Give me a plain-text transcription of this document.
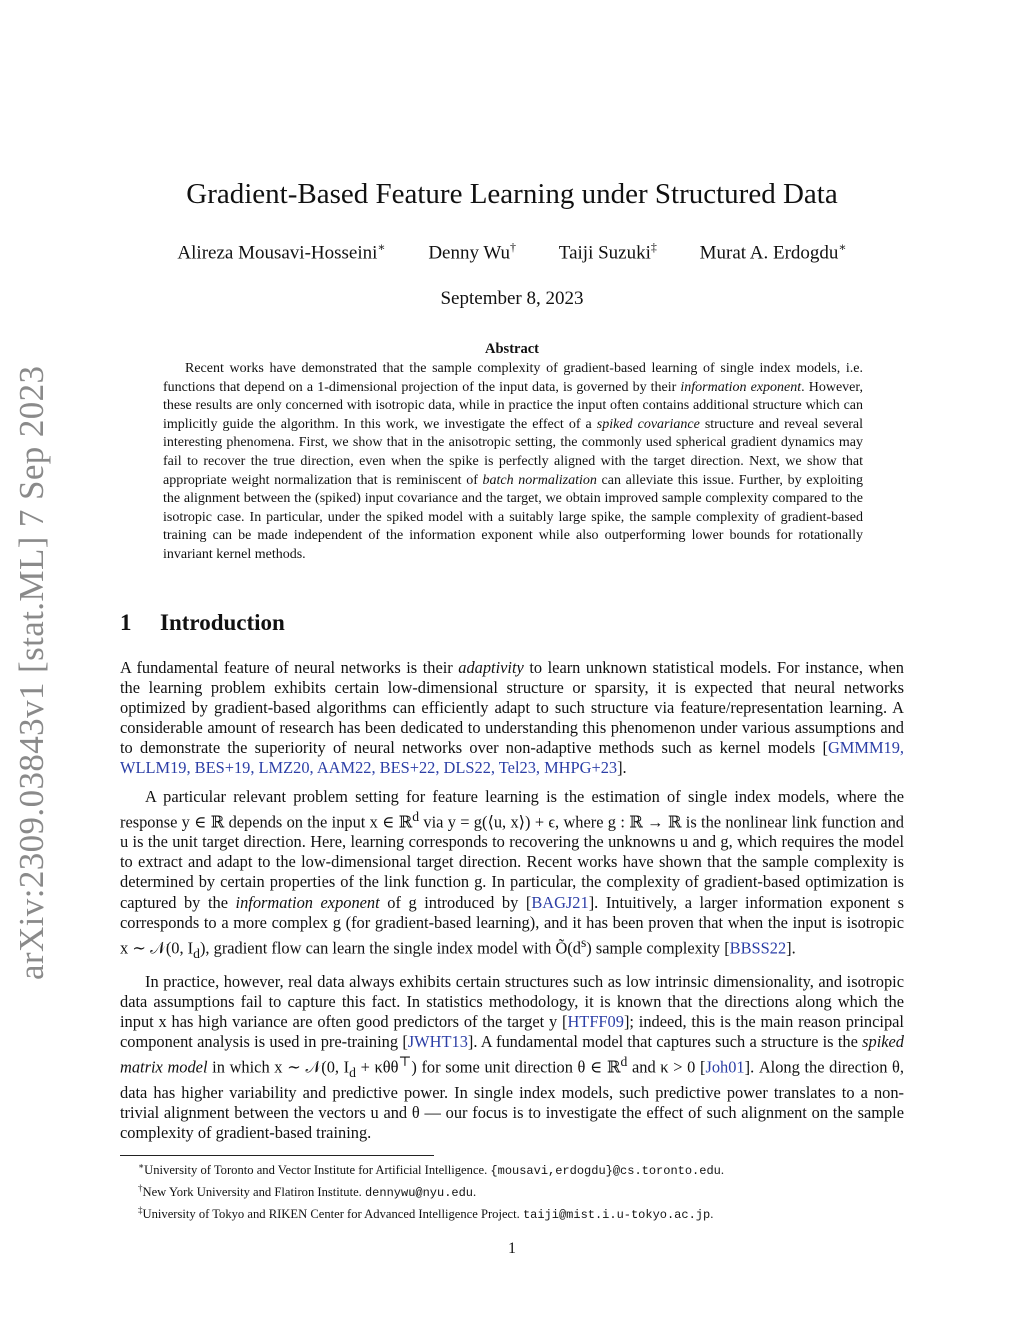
arXiv:2309.03843v1 [stat.ML] 7 Sep 2023
Gradient-Based Feature Learning under Structured Data
Alireza Mousavi-Hosseini∗ Denny Wu† Taiji Suzuki‡ Murat A. Erdogdu∗
September 8, 2023
Abstract
Recent works have demonstrated that the sample complexity of gradient-based learning of single index models, i.e. functions that depend on a 1-dimensional projection of the input data, is governed by their information exponent. However, these results are only concerned with isotropic data, while in practice the input often contains additional structure which can implicitly guide the algorithm. In this work, we investigate the effect of a spiked covariance structure and reveal several interesting phenomena. First, we show that in the anisotropic setting, the commonly used spherical gradient dynamics may fail to recover the true direction, even when the spike is perfectly aligned with the target direction. Next, we show that appropriate weight normalization that is reminiscent of batch normalization can alleviate this issue. Further, by exploiting the alignment between the (spiked) input covariance and the target, we obtain improved sample complexity compared to the isotropic case. In particular, under the spiked model with a suitably large spike, the sample complexity of gradient-based training can be made independent of the information exponent while also outperforming lower bounds for rotationally invariant kernel methods.
1 Introduction

A fundamental feature of neural networks is their adaptivity to learn unknown statistical models. For instance, when the learning problem exhibits certain low-dimensional structure or sparsity, it is expected that neural networks optimized by gradient-based algorithms can efficiently adapt to such structure via feature/representation learning. A considerable amount of research has been dedicated to understanding this phenomenon under various assumptions and to demonstrate the superiority of neural networks over non-adaptive methods such as kernel models [GMMM19, WLLM19, BES+19, LMZ20, AAM22, BES+22, DLS22, Tel23, MHPG+23].

A particular relevant problem setting for feature learning is the estimation of single index models, where the response y ∈ ℝ depends on the input x ∈ ℝ$^d$ via y = g(⟨u, x⟩) + ϵ, where g : ℝ → ℝ is the nonlinear link function and u is the unit target direction. Here, learning corresponds to recovering the unknowns u and g, which requires the model to extract and adapt to the low-dimensional target direction. Recent works have shown that the sample complexity is determined by certain properties of the link function g. In particular, the complexity of gradient-based optimization is captured by the information exponent of g introduced by [BAGJ21]. Intuitively, a larger information exponent s corresponds to a more complex g (for gradient-based learning), and it has been proven that when the input is isotropic x ∼ 𝒩(0, $I_d$), gradient flow can learn the single index model with $Õ(d^s)$ sample complexity [BBSS22].

In practice, however, real data always exhibits certain structures such as low intrinsic dimensionality, and isotropic data assumptions fail to capture this fact. In statistics methodology, it is known that the directions along which the input x has high variance are often good predictors of the target y [HTFF09]; indeed, this is the main reason principal component analysis is used in pre-training [JWHT13]. A fundamental model that captures such a structure is the spiked matrix model in which x ∼ 𝒩(0, $I_d + \kappa\theta\theta^⊤$) for some unit direction θ ∈ ℝ$^d$ and κ > 0 [Joh01]. Along the direction θ, data has higher variability and predictive power. In single index models, such predictive power translates to a non-trivial alignment between the vectors u and θ — our focus is to investigate the effect of such alignment on the sample complexity of gradient-based training.

∗University of Toronto and Vector Institute for Artificial Intelligence. {mousavi,erdogdu}@cs.toronto.edu.
†New York University and Flatiron Institute. dennywu@nyu.edu.
‡University of Tokyo and RIKEN Center for Advanced Intelligence Project. taiji@mist.i.u-tokyo.ac.jp.
1
